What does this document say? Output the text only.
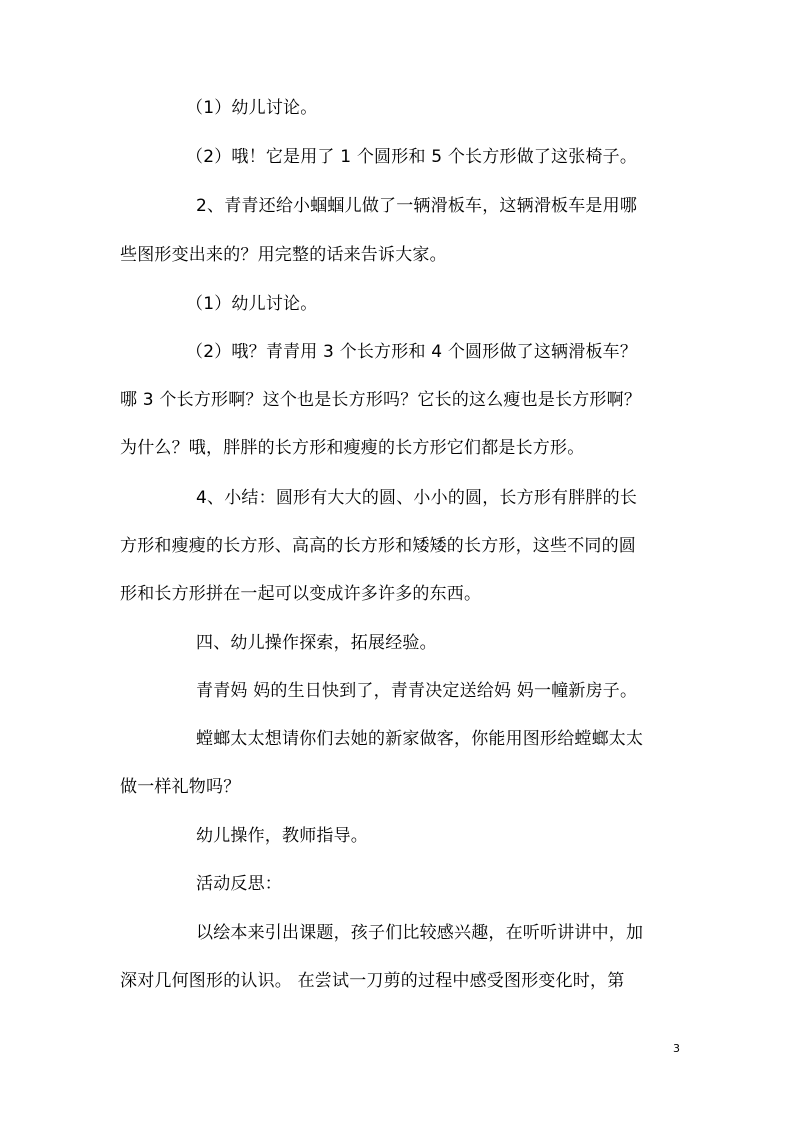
（1）幼儿讨论。
（2）哦！它是用了 1 个圆形和 5 个长方形做了这张椅子。
2、青青还给小蝈蝈儿做了一辆滑板车，这辆滑板车是用哪
些图形变出来的？用完整的话来告诉大家。
（1）幼儿讨论。
（2）哦？青青用 3 个长方形和 4 个圆形做了这辆滑板车？
哪 3 个长方形啊？这个也是长方形吗？它长的这么瘦也是长方形啊？
为什么？哦，胖胖的长方形和瘦瘦的长方形它们都是长方形。
4、小结：圆形有大大的圆、小小的圆，长方形有胖胖的长
方形和瘦瘦的长方形、高高的长方形和矮矮的长方形，这些不同的圆
形和长方形拼在一起可以变成许多许多的东西。
四、幼儿操作探索，拓展经验。
青青妈 妈的生日快到了，青青决定送给妈 妈一幢新房子。
螳螂太太想请你们去她的新家做客，你能用图形给螳螂太太
做一样礼物吗？
幼儿操作，教师指导。
活动反思：
以绘本来引出课题，孩子们比较感兴趣，在听听讲讲中，加
深对几何图形的认识。 在尝试一刀剪的过程中感受图形变化时，第
3
